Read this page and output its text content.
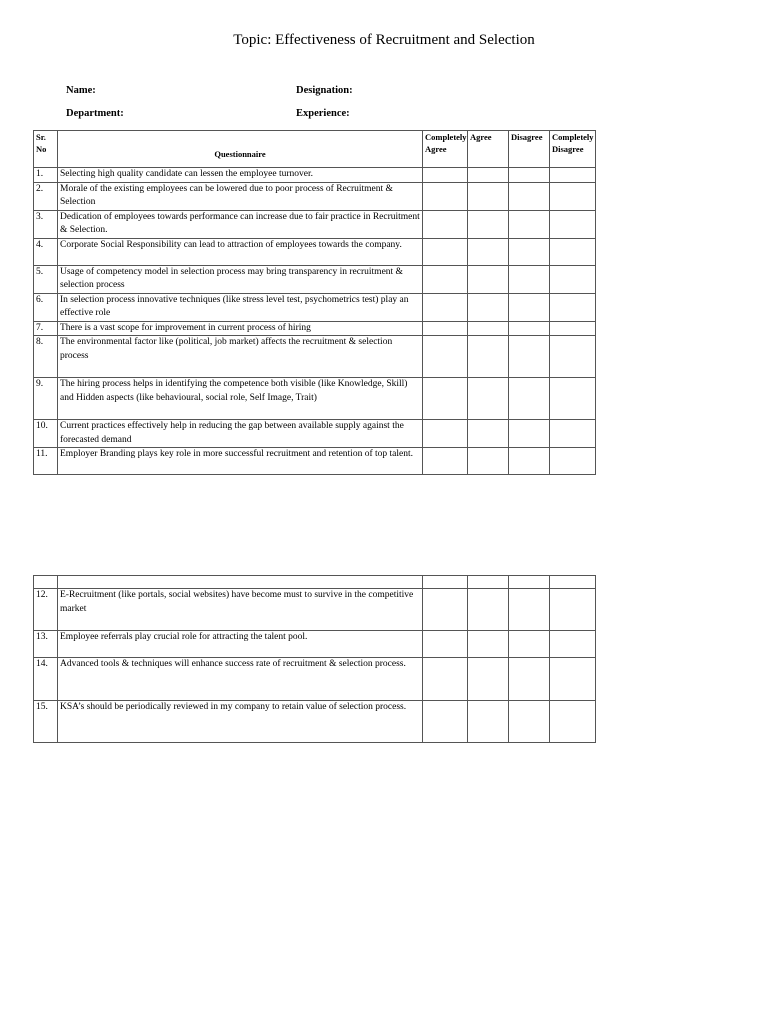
Topic: Effectiveness of Recruitment and Selection
Name:	Designation:
Department:	Experience:
Sr. No	Questionnaire	Completely Agree	Agree	Disagree	Completely Disagree
1.	Selecting high quality candidate can lessen the employee turnover.				
2.	Morale of the existing employees can be lowered due to poor process of Recruitment & Selection				
3.	Dedication of employees towards performance can increase due to fair practice in Recruitment & Selection.				
4.	Corporate Social Responsibility can lead to attraction of employees towards the company.				
5.	Usage of competency model in selection process may bring transparency in recruitment & selection process				
6.	In selection process innovative techniques (like stress level test, psychometrics test) play an effective role				
7.	There is a vast scope for improvement in current process of hiring				
8.	The environmental factor like (political, job market) affects the recruitment & selection process				
9.	The hiring process helps in identifying the competence both visible (like Knowledge, Skill) and Hidden aspects (like behavioural, social role, Self Image, Trait)				
10.	Current practices effectively help in reducing the gap between available supply against the forecasted demand				
11.	Employer Branding plays key role in more successful recruitment and retention of top talent.				

12.	E-Recruitment (like portals, social websites) have become must to survive in the competitive market				
13.	Employee referrals play crucial role for attracting the talent pool.				
14.	Advanced tools & techniques will enhance success rate of recruitment & selection process.				
15.	KSA’s should be periodically reviewed in my company to retain value of selection process.				
